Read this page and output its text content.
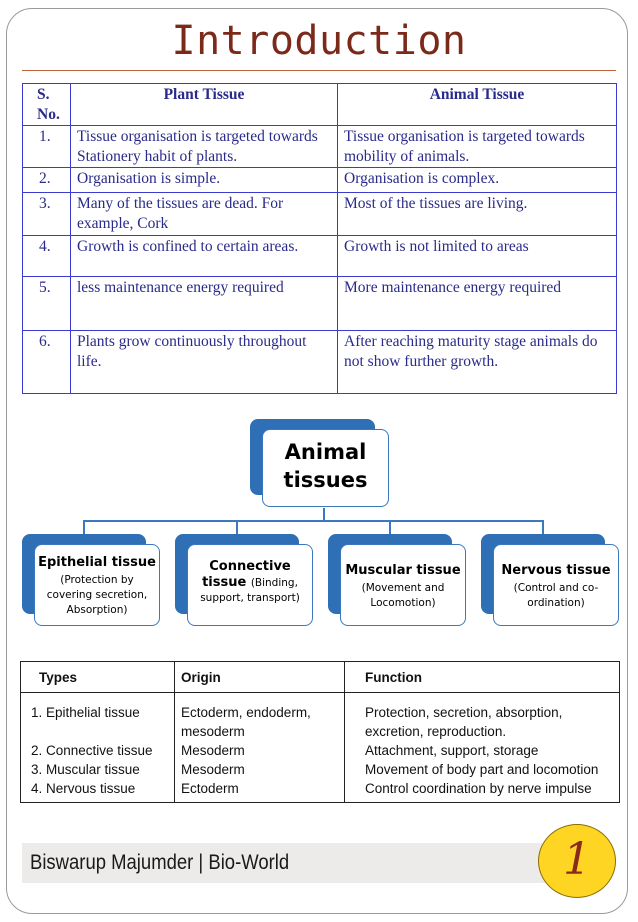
Introduction
S. No.	Plant Tissue	Animal Tissue
1.	Tissue organisation is targeted towards Stationery habit of plants.	Tissue organisation is targeted towards mobility of animals.
2.	Organisation is simple.	Organisation is complex.
3.	Many of the tissues are dead. For example, Cork	Most of the tissues are living.
4.	Growth is confined to certain areas.	Growth is not limited to areas
5.	less maintenance energy required	More maintenance energy required
6.	Plants grow continuously throughout life.	After reaching maturity stage animals do not show further growth.
Animal
tissues
Epithelial tissue
(Protection by covering secretion, Absorption)
Connective
tissue (Binding,
support, transport)
Muscular tissue
(Movement and Locomotion)
Nervous tissue
(Control and co-ordination)
Types	Origin	Function
1. Epithelial tissue	Ectoderm, endoderm, mesoderm	Protection, secretion, absorption, excretion, reproduction.
2. Connective tissue	Mesoderm	Attachment, support, storage
3. Muscular tissue	Mesoderm	Movement of body part and locomotion
4. Nervous tissue	Ectoderm	Control coordination by nerve impulse
Biswarup Majumder | Bio-World	1
